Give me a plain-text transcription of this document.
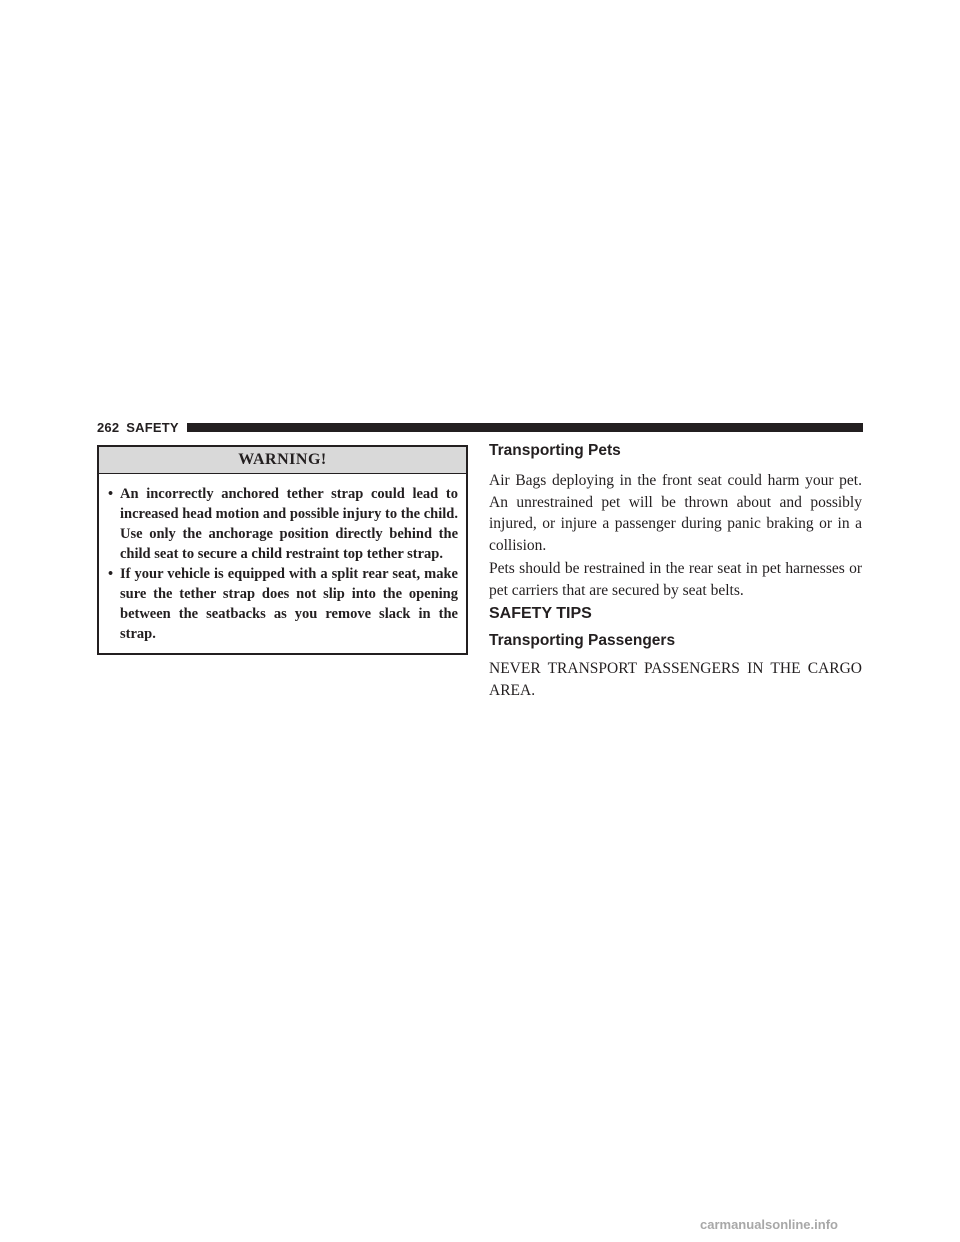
262 SAFETY
WARNING!
• An incorrectly anchored tether strap could lead to increased head motion and possible injury to the child. Use only the anchorage position directly behind the child seat to secure a child restraint top tether strap.
• If your vehicle is equipped with a split rear seat, make sure the tether strap does not slip into the opening between the seatbacks as you remove slack in the strap.
Transporting Pets

Air Bags deploying in the front seat could harm your pet. An unrestrained pet will be thrown about and possibly injured, or injure a passenger during panic braking or in a collision.

Pets should be restrained in the rear seat in pet harnesses or pet carriers that are secured by seat belts.

SAFETY TIPS
Transporting Passengers

NEVER TRANSPORT PASSENGERS IN THE CARGO AREA.

carmanualsonline.info
